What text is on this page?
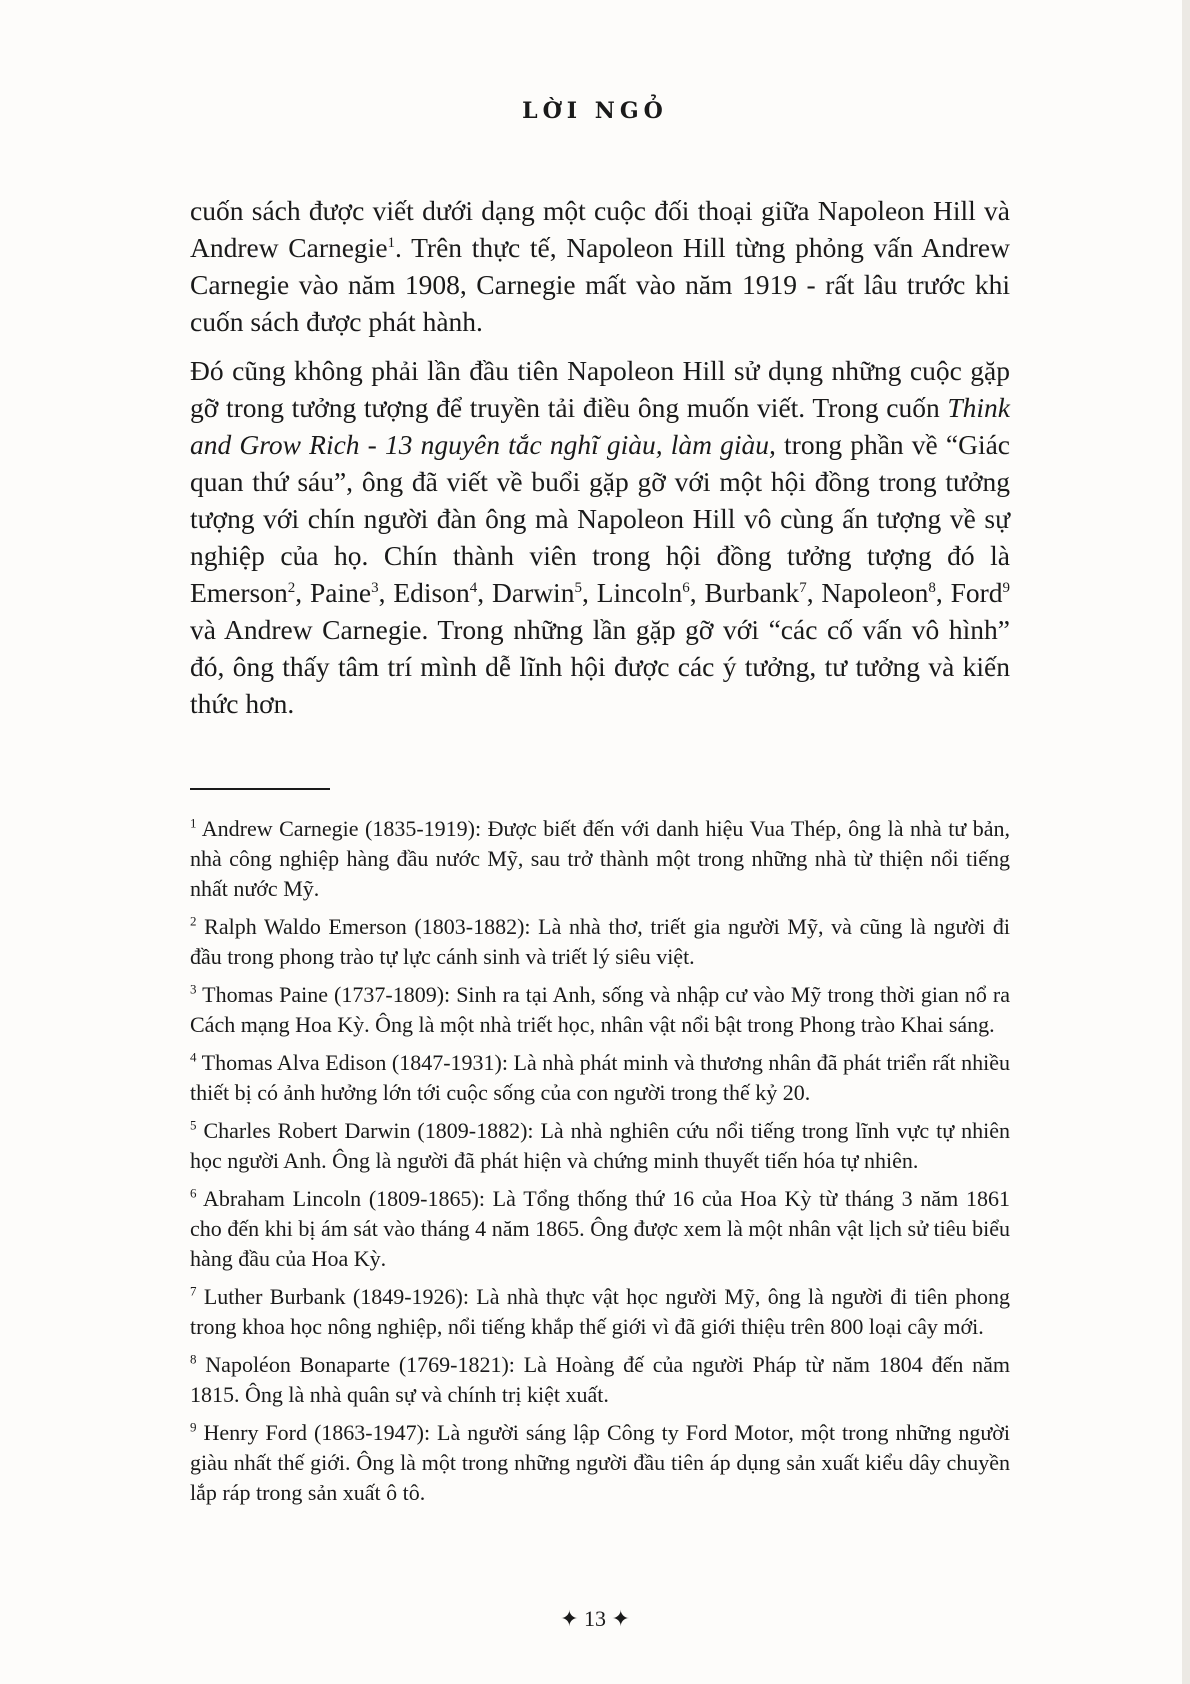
LỜI NGỎ

cuốn sách được viết dưới dạng một cuộc đối thoại giữa Napoleon Hill và Andrew Carnegie$^1$. Trên thực tế, Napoleon Hill từng phỏng vấn Andrew Carnegie vào năm 1908, Carnegie mất vào năm 1919 - rất lâu trước khi cuốn sách được phát hành.

Đó cũng không phải lần đầu tiên Napoleon Hill sử dụng những cuộc gặp gỡ trong tưởng tượng để truyền tải điều ông muốn viết. Trong cuốn Think and Grow Rich - 13 nguyên tắc nghĩ giàu, làm giàu, trong phần về “Giác quan thứ sáu”, ông đã viết về buổi gặp gỡ với một hội đồng trong tưởng tượng với chín người đàn ông mà Napoleon Hill vô cùng ấn tượng về sự nghiệp của họ. Chín thành viên trong hội đồng tưởng tượng đó là Emerson$^2$, Paine$^3$, Edison$^4$, Darwin$^5$, Lincoln$^6$, Burbank$^7$, Napoleon$^8$, Ford$^9$ và Andrew Carnegie. Trong những lần gặp gỡ với “các cố vấn vô hình” đó, ông thấy tâm trí mình dễ lĩnh hội được các ý tưởng, tư tưởng và kiến thức hơn.

$^1$ Andrew Carnegie (1835-1919): Được biết đến với danh hiệu Vua Thép, ông là nhà tư bản, nhà công nghiệp hàng đầu nước Mỹ, sau trở thành một trong những nhà từ thiện nổi tiếng nhất nước Mỹ.

$^2$ Ralph Waldo Emerson (1803-1882): Là nhà thơ, triết gia người Mỹ, và cũng là người đi đầu trong phong trào tự lực cánh sinh và triết lý siêu việt.

$^3$ Thomas Paine (1737-1809): Sinh ra tại Anh, sống và nhập cư vào Mỹ trong thời gian nổ ra Cách mạng Hoa Kỳ. Ông là một nhà triết học, nhân vật nổi bật trong Phong trào Khai sáng.

$^4$ Thomas Alva Edison (1847-1931): Là nhà phát minh và thương nhân đã phát triển rất nhiều thiết bị có ảnh hưởng lớn tới cuộc sống của con người trong thế kỷ 20.

$^5$ Charles Robert Darwin (1809-1882): Là nhà nghiên cứu nổi tiếng trong lĩnh vực tự nhiên học người Anh. Ông là người đã phát hiện và chứng minh thuyết tiến hóa tự nhiên.

$^6$ Abraham Lincoln (1809-1865): Là Tổng thống thứ 16 của Hoa Kỳ từ tháng 3 năm 1861 cho đến khi bị ám sát vào tháng 4 năm 1865. Ông được xem là một nhân vật lịch sử tiêu biểu hàng đầu của Hoa Kỳ.

$^7$ Luther Burbank (1849-1926): Là nhà thực vật học người Mỹ, ông là người đi tiên phong trong khoa học nông nghiệp, nổi tiếng khắp thế giới vì đã giới thiệu trên 800 loại cây mới.

$^8$ Napoléon Bonaparte (1769-1821): Là Hoàng đế của người Pháp từ năm 1804 đến năm 1815. Ông là nhà quân sự và chính trị kiệt xuất.

$^9$ Henry Ford (1863-1947): Là người sáng lập Công ty Ford Motor, một trong những người giàu nhất thế giới. Ông là một trong những người đầu tiên áp dụng sản xuất kiểu dây chuyền lắp ráp trong sản xuất ô tô.

✦ 13 ✦
